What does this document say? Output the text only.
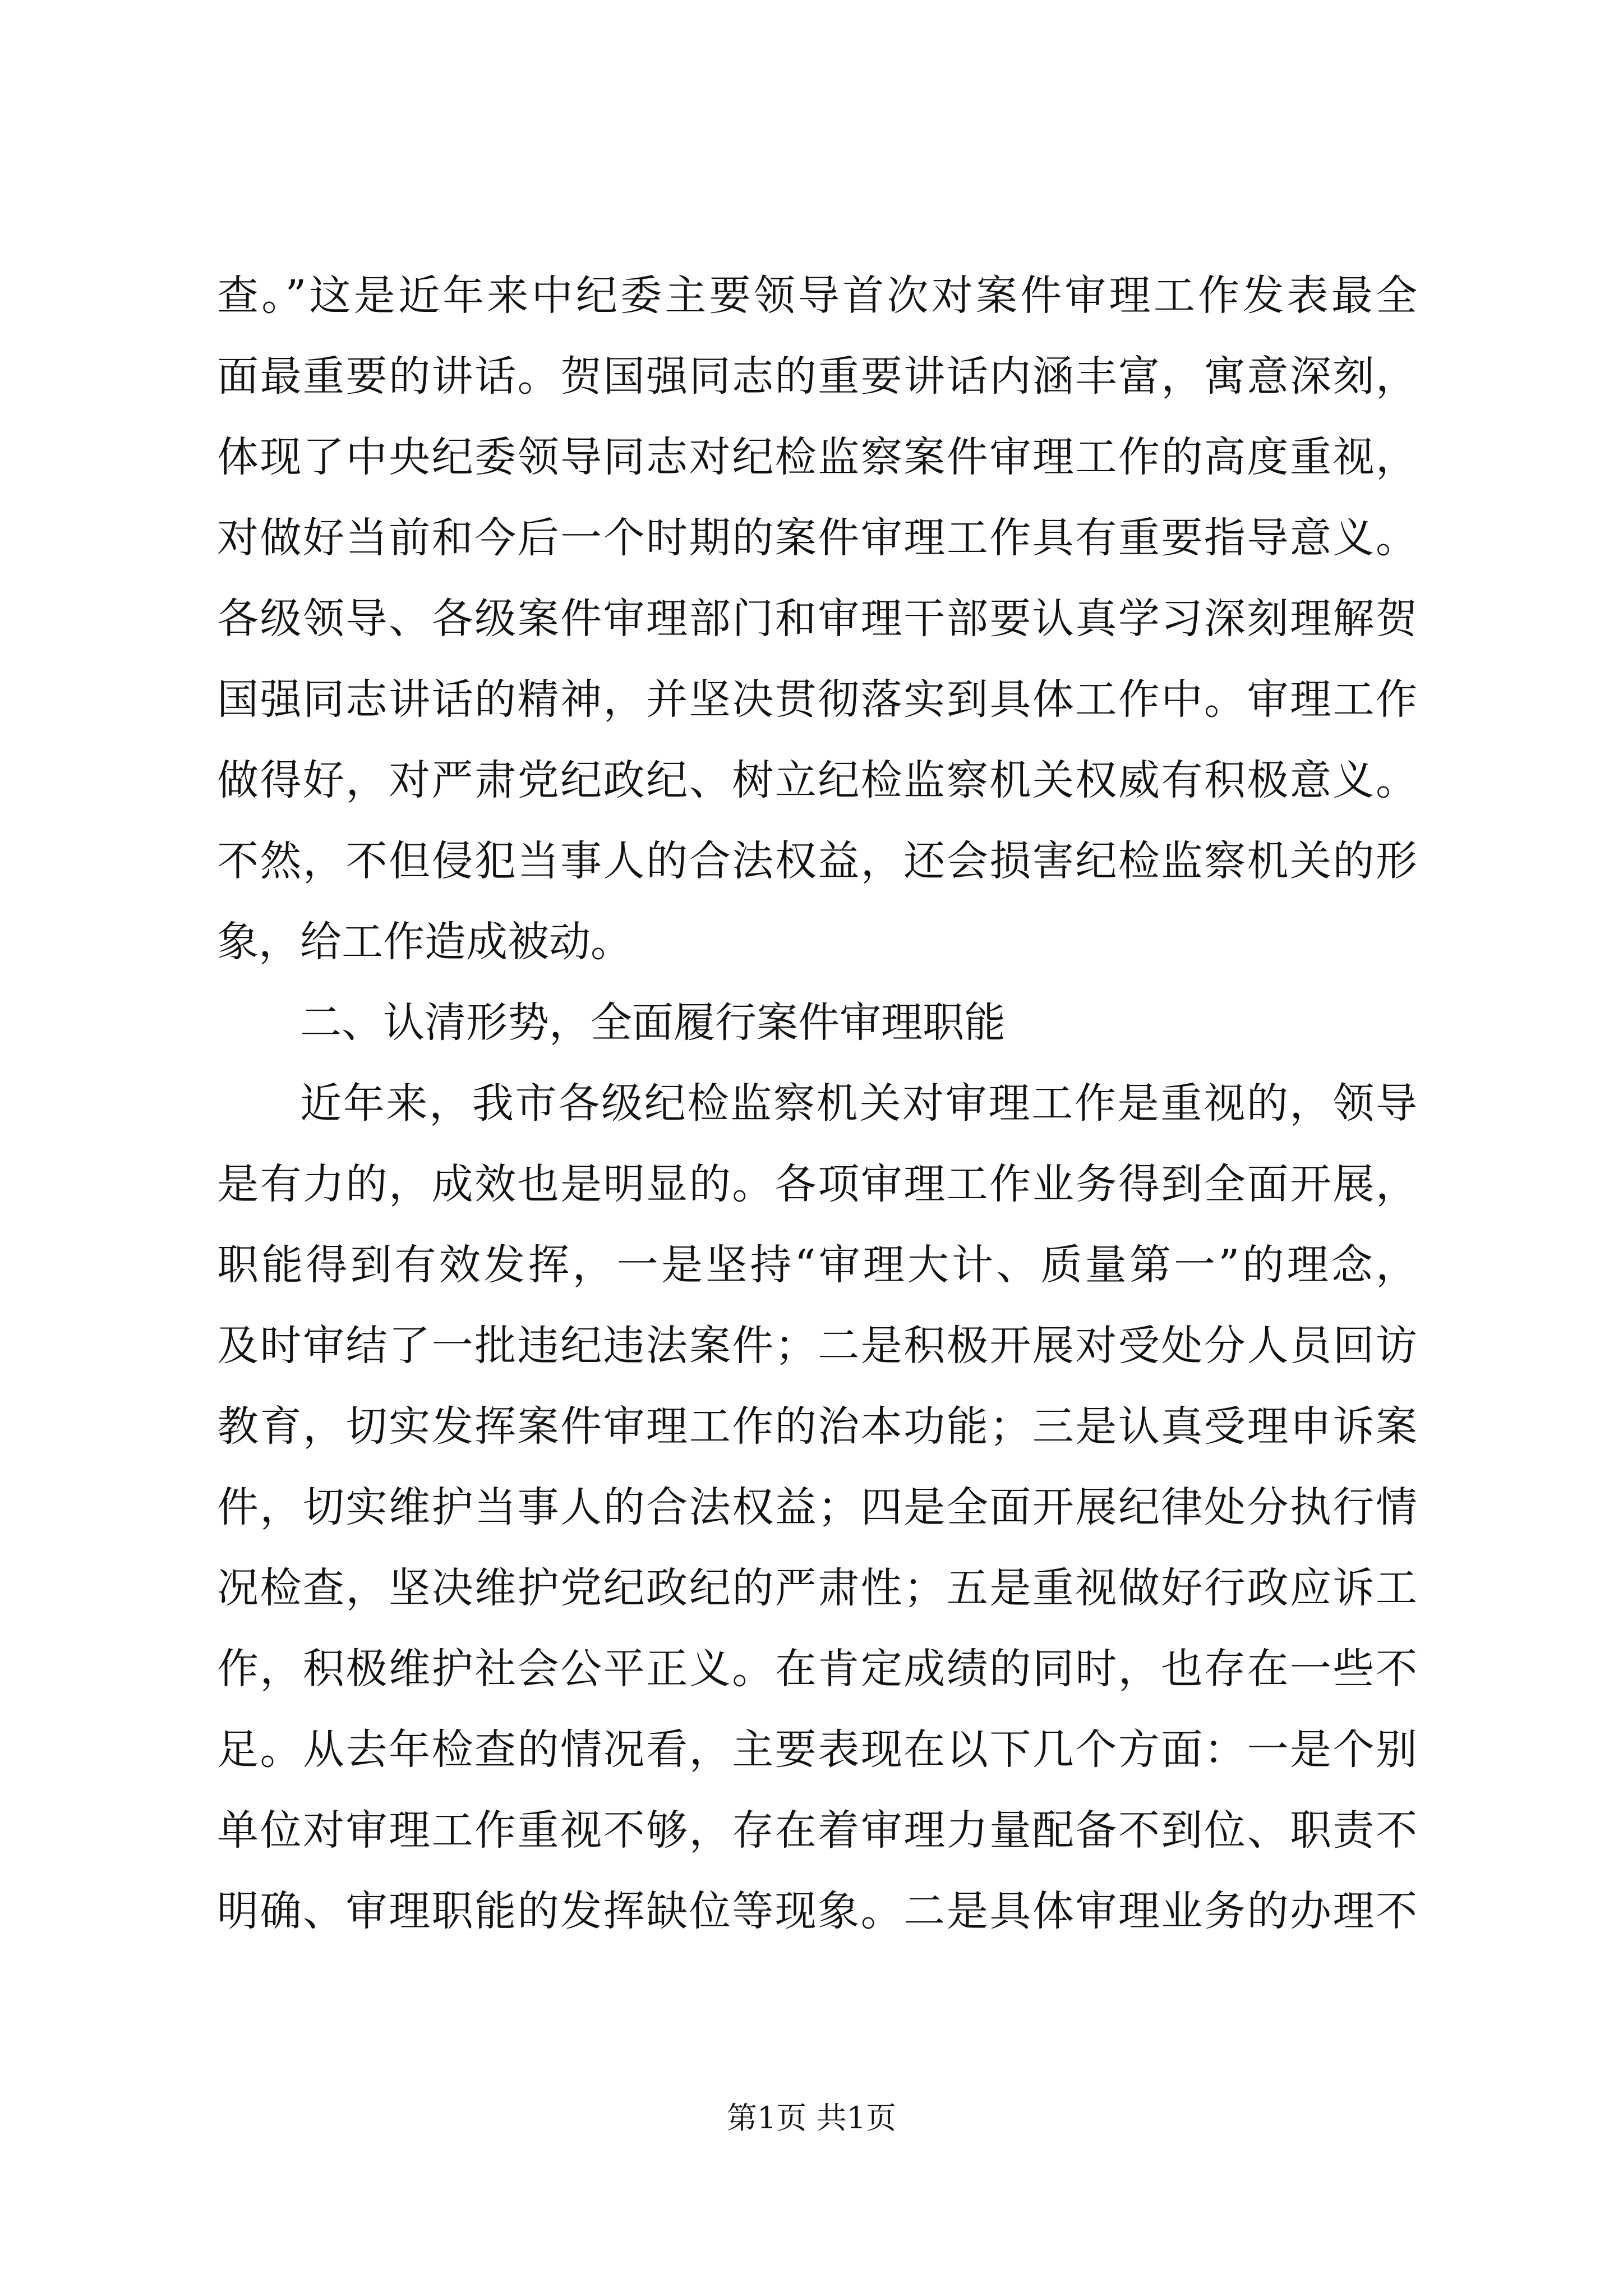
查。”这是近年来中纪委主要领导首次对案件审理工作发表最全
面最重要的讲话。贺国强同志的重要讲话内涵丰富，寓意深刻，
体现了中央纪委领导同志对纪检监察案件审理工作的高度重视，
对做好当前和今后一个时期的案件审理工作具有重要指导意义。
各级领导、各级案件审理部门和审理干部要认真学习深刻理解贺
国强同志讲话的精神，并坚决贯彻落实到具体工作中。审理工作
做得好，对严肃党纪政纪、树立纪检监察机关权威有积极意义。
不然，不但侵犯当事人的合法权益，还会损害纪检监察机关的形
象，给工作造成被动。
二、认清形势，全面履行案件审理职能
近年来，我市各级纪检监察机关对审理工作是重视的，领导
是有力的，成效也是明显的。各项审理工作业务得到全面开展，
职能得到有效发挥，一是坚持“审理大计、质量第一”的理念，
及时审结了一批违纪违法案件；二是积极开展对受处分人员回访
教育，切实发挥案件审理工作的治本功能；三是认真受理申诉案
件，切实维护当事人的合法权益；四是全面开展纪律处分执行情
况检查，坚决维护党纪政纪的严肃性；五是重视做好行政应诉工
作，积极维护社会公平正义。在肯定成绩的同时，也存在一些不
足。从去年检查的情况看，主要表现在以下几个方面：一是个别
单位对审理工作重视不够，存在着审理力量配备不到位、职责不
明确、审理职能的发挥缺位等现象。二是具体审理业务的办理不
第1页 共1页
